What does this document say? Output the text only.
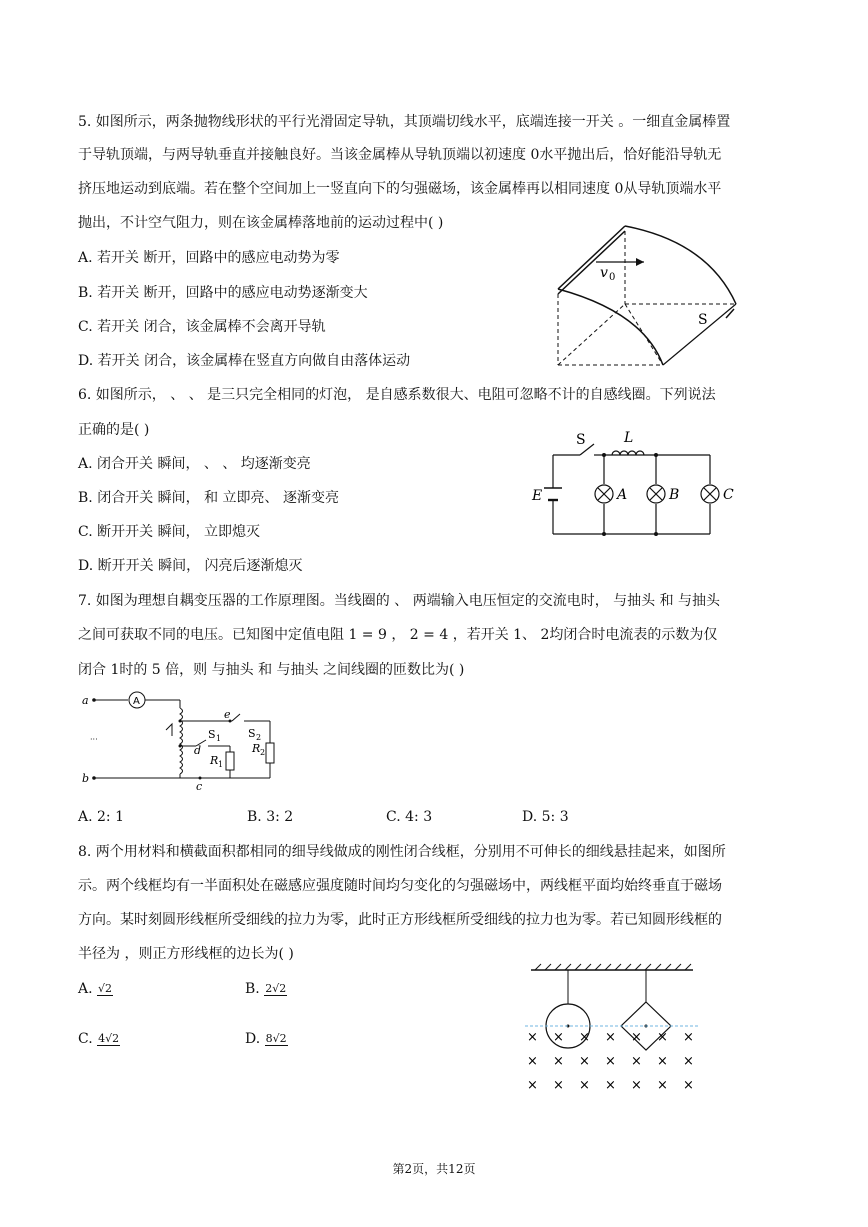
5. 如图所示，两条抛物线形状的平行光滑固定导轨，其顶端切线水平，底端连接一开关 。一细直金属棒置
于导轨顶端，与两导轨垂直并接触良好。当该金属棒从导轨顶端以初速度 0水平抛出后，恰好能沿导轨无
挤压地运动到底端。若在整个空间加上一竖直向下的匀强磁场，该金属棒再以相同速度 0从导轨顶端水平
抛出，不计空气阻力，则在该金属棒落地前的运动过程中( )
A. 若开关 断开，回路中的感应电动势为零
B. 若开关 断开，回路中的感应电动势逐渐变大
C. 若开关 闭合，该金属棒不会离开导轨
D. 若开关 闭合，该金属棒在竖直方向做自由落体运动
v 0
S
6. 如图所示， 、 、 是三只完全相同的灯泡， 是自感系数很大、电阻可忽略不计的自感线圈。下列说法
正确的是( )
A. 闭合开关 瞬间， 、 、 均逐渐变亮
B. 闭合开关 瞬间， 和 立即亮、 逐渐变亮
C. 断开开关 瞬间， 立即熄灭
D. 断开开关 瞬间， 闪亮后逐渐熄灭
S	L
E	A	B	C
7. 如图为理想自耦变压器的工作原理图。当线圈的 、 两端输入电压恒定的交流电时， 与抽头 和 与抽头
之间可获取不同的电压。已知图中定值电阻 1 = 9 ， 2 = 4 ，若开关 1、 2均闭合时电流表的示数为仅
闭合 1时的 5 倍，则 与抽头 和 与抽头 之间线圈的匝数比为( )
a
b
c
d
e
A
S 1 S 2
R 1
R 2
···
A. 2: 1	B. 3: 2	C. 4: 3	D. 5: 3
8. 两个用材料和横截面积都相同的细导线做成的刚性闭合线框，分别用不可伸长的细线悬挂起来，如图所
示。两个线框均有一半面积处在磁感应强度随时间均匀变化的匀强磁场中，两线框平面均始终垂直于磁场
方向。某时刻圆形线框所受细线的拉力为零，此时正方形线框所受细线的拉力也为零。若已知圆形线框的
半径为 ，则正方形线框的边长为( )
A. √2	B. 2√2
C. 4√2	D. 8√2	× × × × × × ×
× × × × × × ×
× × × × × × ×
第2页，共12页
